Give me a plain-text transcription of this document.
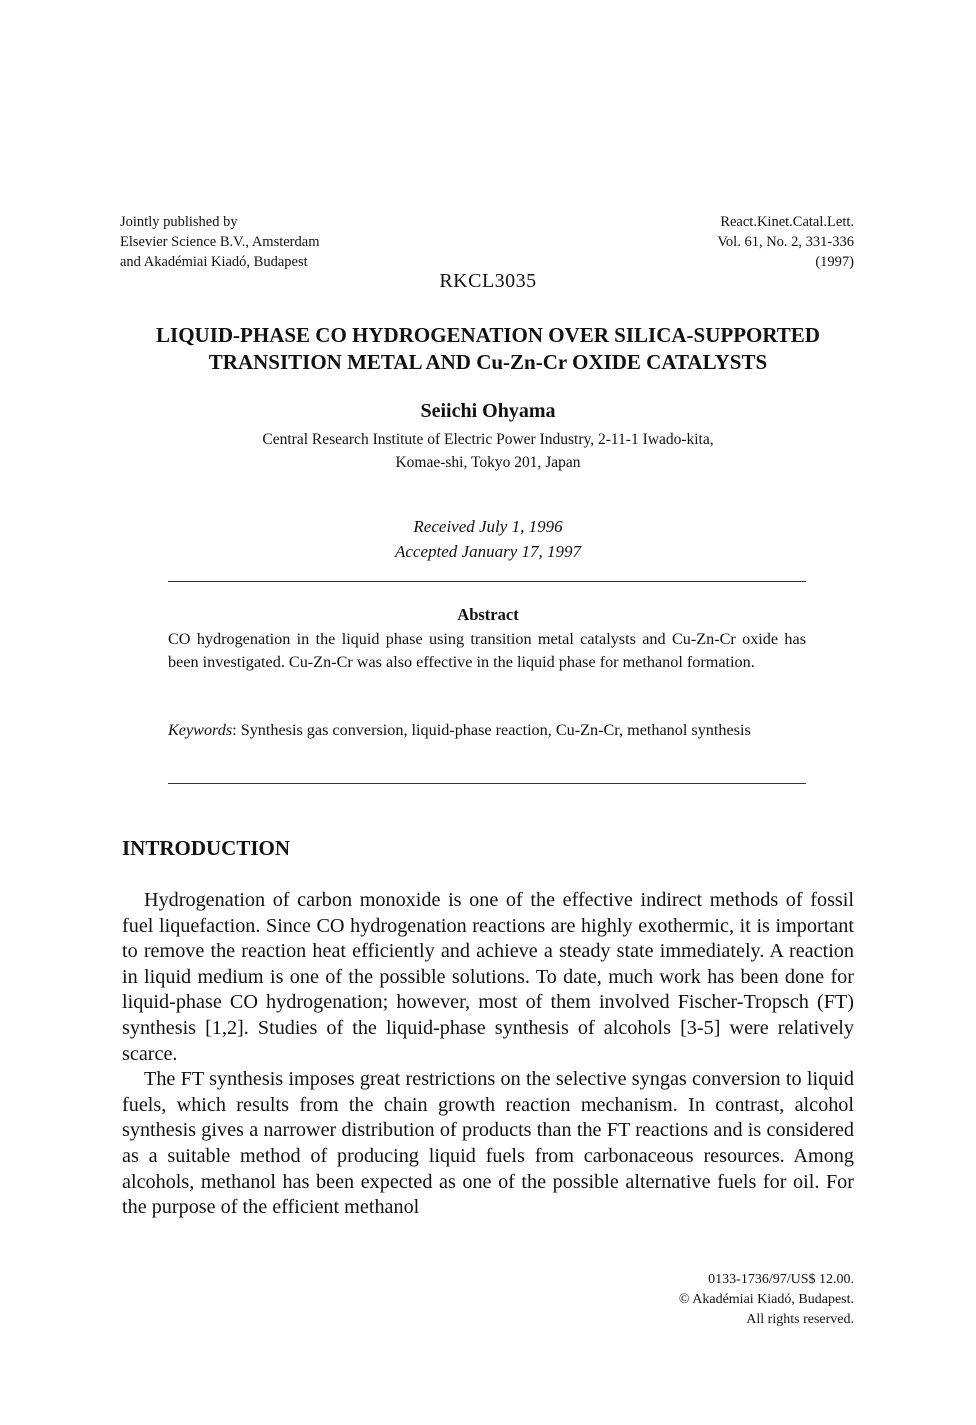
Jointly published by
Elsevier Science B.V., Amsterdam
and Akadémiai Kiadó, Budapest
React.Kinet.Catal.Lett.
Vol. 61, No. 2, 331-336
(1997)
RKCL3035
LIQUID-PHASE CO HYDROGENATION OVER SILICA-SUPPORTED
TRANSITION METAL AND Cu-Zn-Cr OXIDE CATALYSTS
Seiichi Ohyama
Central Research Institute of Electric Power Industry, 2-11-1 Iwado-kita,
Komae-shi, Tokyo 201, Japan
Received July 1, 1996
Accepted January 17, 1997
Abstract
CO hydrogenation in the liquid phase using transition metal catalysts and Cu-Zn-Cr oxide has been investigated. Cu-Zn-Cr was also effective in the liquid phase for methanol formation.
Keywords: Synthesis gas conversion, liquid-phase reaction, Cu-Zn-Cr, methanol synthesis
INTRODUCTION

Hydrogenation of carbon monoxide is one of the effective indirect methods of fossil fuel liquefaction. Since CO hydrogenation reactions are highly exothermic, it is important to remove the reaction heat efficiently and achieve a steady state immediately. A reaction in liquid medium is one of the possible solutions. To date, much work has been done for liquid-phase CO hydrogenation; however, most of them involved Fischer-Tropsch (FT) synthesis [1,2]. Studies of the liquid-phase synthesis of alcohols [3-5] were relatively scarce.

The FT synthesis imposes great restrictions on the selective syngas conversion to liquid fuels, which results from the chain growth reaction mechanism. In contrast, alcohol synthesis gives a narrower distribution of products than the FT reactions and is considered as a suitable method of producing liquid fuels from carbonaceous resources. Among alcohols, methanol has been expected as one of the possible alternative fuels for oil. For the purpose of the efficient methanol

0133-1736/97/US$ 12.00.
© Akadémiai Kiadó, Budapest.
All rights reserved.
